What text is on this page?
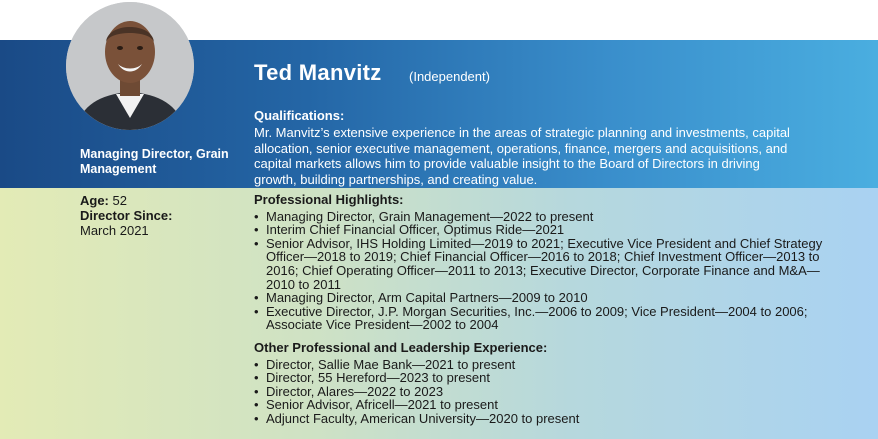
Managing Director, Grain Management
Ted Manvitz (Independent)
Qualifications:

Mr. Manvitz’s extensive experience in the areas of strategic planning and investments, capital allocation, senior executive management, operations, finance, mergers and acquisitions, and capital markets allows him to provide valuable insight to the Board of Directors in driving growth, building partnerships, and creating value.

Age: 52
Director Since:
March 2021
Professional Highlights:
• Managing Director, Grain Management—2022 to present
• Interim Chief Financial Officer, Optimus Ride—2021
• Senior Advisor, IHS Holding Limited—2019 to 2021; Executive Vice President and Chief Strategy Officer—2018 to 2019; Chief Financial Officer—2016 to 2018; Chief Investment Officer—2013 to 2016; Chief Operating Officer—2011 to 2013; Executive Director, Corporate Finance and M&A—2010 to 2011
• Managing Director, Arm Capital Partners—2009 to 2010
• Executive Director, J.P. Morgan Securities, Inc.—2006 to 2009; Vice President—2004 to 2006; Associate Vice President—2002 to 2004
Other Professional and Leadership Experience:
• Director, Sallie Mae Bank—2021 to present
• Director, 55 Hereford—2023 to present
• Director, Alares—2022 to 2023
• Senior Advisor, Africell—2021 to present
• Adjunct Faculty, American University—2020 to present
